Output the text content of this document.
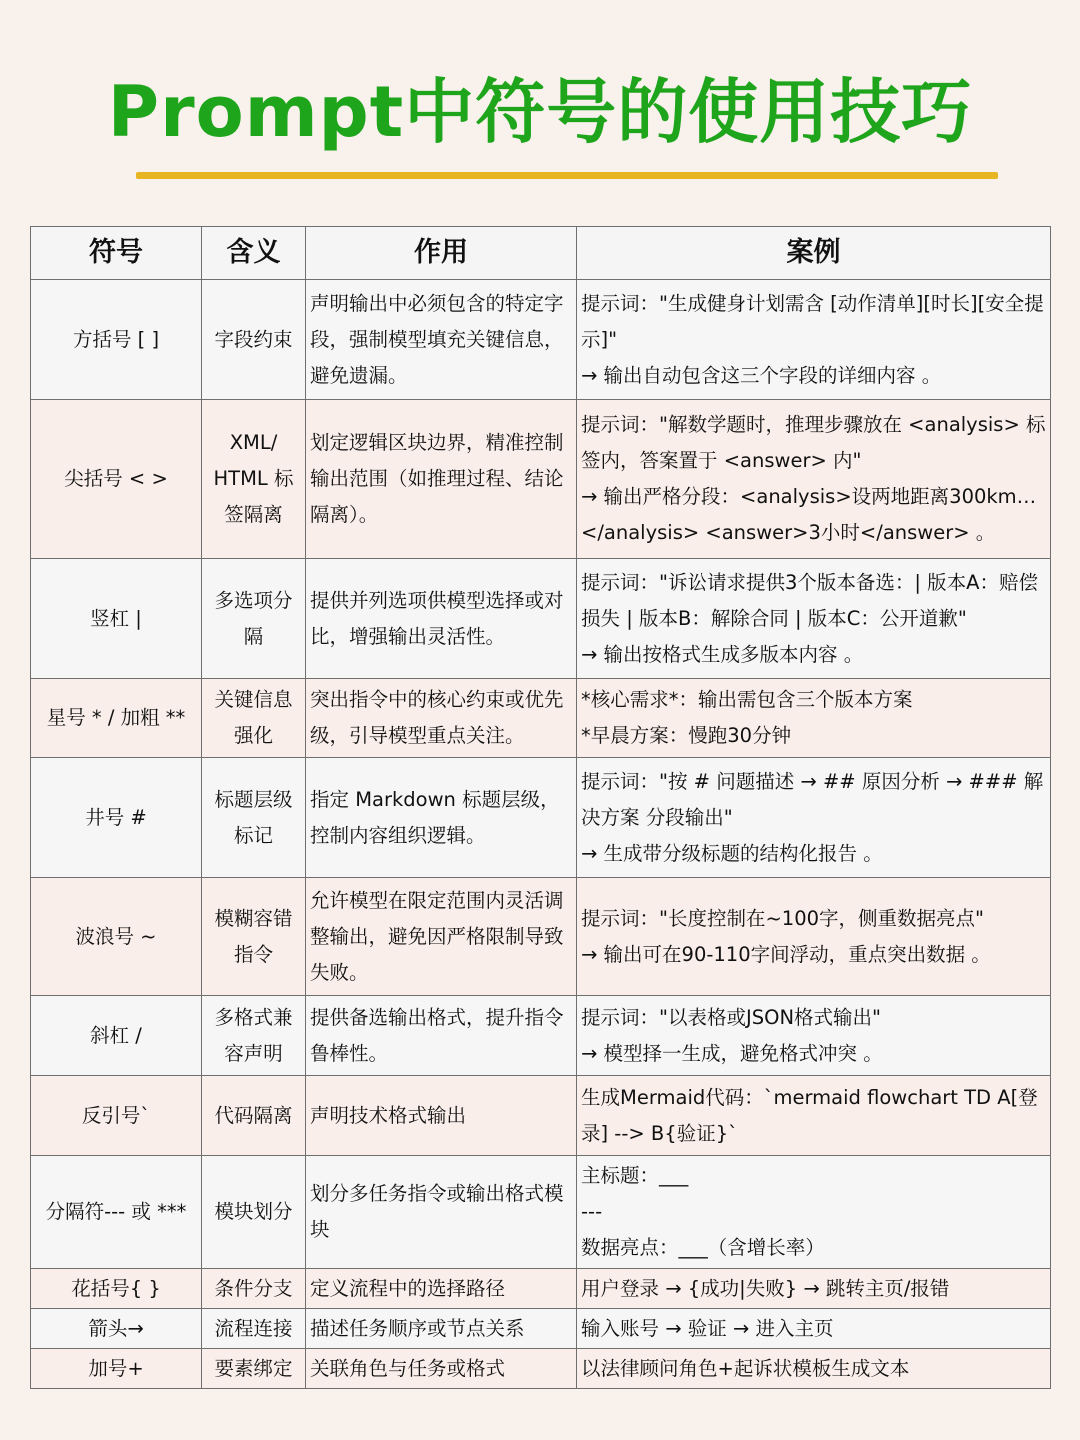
Prompt中符号的使用技巧
符号	含义	作用	案例
方括号 [ ]	字段约束	声明输出中必须包含的特定字段，强制模型填充关键信息，避免遗漏。	提示词："生成健身计划需含 [动作清单][时长][安全提示]"
→ 输出自动包含这三个字段的详细内容 。

尖括号 < >	XML/ HTML 标签隔离	划定逻辑区块边界，精准控制输出范围（如推理过程、结论隔离）。	提示词："解数学题时，推理步骤放在 <analysis> 标签内，答案置于 <answer> 内"
→ 输出严格分段：<analysis>设两地距离300km…</analysis> <answer>3小时</answer> 。

竖杠 |	多选项分隔	提供并列选项供模型选择或对比，增强输出灵活性。	提示词："诉讼请求提供3个版本备选：| 版本A：赔偿损失 | 版本B：解除合同 | 版本C：公开道歉"
→ 输出按格式生成多版本内容 。

星号 * / 加粗 **	关键信息强化	突出指令中的核心约束或优先级，引导模型重点关注。	*核心需求*：输出需包含三个版本方案
*早晨方案：慢跑30分钟

井号 #	标题层级标记	指定 Markdown 标题层级，控制内容组织逻辑。	提示词："按 # 问题描述 → ## 原因分析 → ### 解决方案 分段输出"
→ 生成带分级标题的结构化报告 。

波浪号 ~	模糊容错指令	允许模型在限定范围内灵活调整输出，避免因严格限制导致失败。	提示词："长度控制在~100字，侧重数据亮点"
→ 输出可在90-110字间浮动，重点突出数据 。

斜杠 /	多格式兼容声明	提供备选输出格式，提升指令鲁棒性。	提示词："以表格或JSON格式输出"
→ 模型择一生成，避免格式冲突 。

反引号`	代码隔离	声明技术格式输出	生成Mermaid代码：`mermaid flowchart TD A[登录] --> B{验证}`

分隔符--- 或 ***	模块划分	划分多任务指令或输出格式模块	主标题：___
---
数据亮点：___（含增长率）

花括号{ }	条件分支	定义流程中的选择路径	用户登录 → {成功|失败} → 跳转主页/报错

箭头→	流程连接	描述任务顺序或节点关系	输入账号 → 验证 → 进入主页

加号+	要素绑定	关联角色与任务或格式	以法律顾问角色+起诉状模板生成文本
